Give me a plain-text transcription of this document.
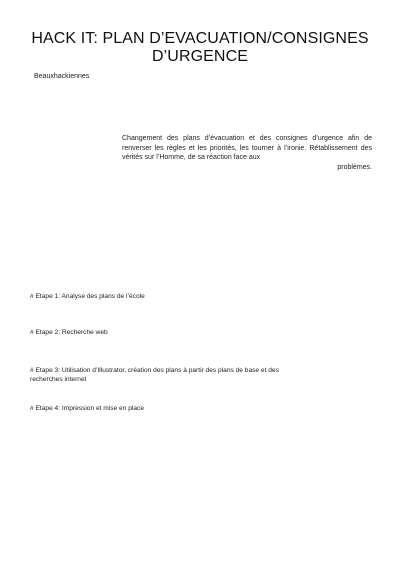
HACK IT: PLAN D’EVACUATION/CONSIGNES
D’URGENCE
Beauxhackiennes
Changement des plans d’évacuation et des consignes d’urgence afin de renverser les règles et les priorités, les tourner à l’ironie. Rétablissement des vérités sur l’Homme, de sa réaction face aux
problèmes.
# Etape 1: Analyse des plans de l’école
# Etape 2: Recherche web
# Etape 3: Utilisation d’Illustrator, création des plans à partir des plans de base et des recherches internet
# Etape 4: Impression et mise en place
